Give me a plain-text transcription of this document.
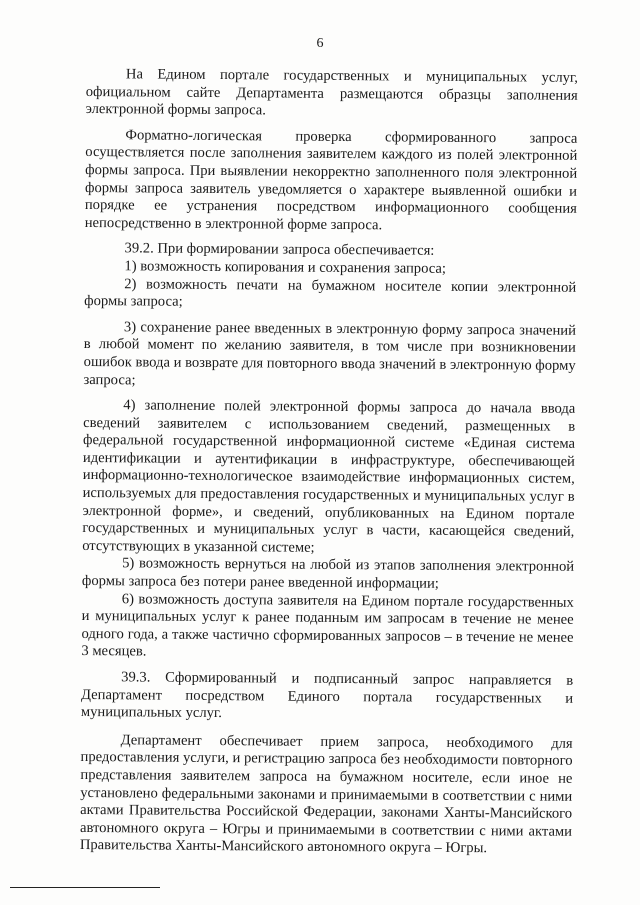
6

На Едином портале государственных и муниципальных услуг, официальном сайте Департамента размещаются образцы заполнения электронной формы запроса.

Форматно-логическая проверка сформированного запроса осуществляется после заполнения заявителем каждого из полей электронной формы запроса. При выявлении некорректно заполненного поля электронной формы запроса заявитель уведомляется о характере выявленной ошибки и порядке ее устранения посредством информационного сообщения непосредственно в электронной форме запроса.

39.2. При формировании запроса обеспечивается:

1) возможность копирования и сохранения запроса;

2) возможность печати на бумажном носителе копии электронной формы запроса;

3) сохранение ранее введенных в электронную форму запроса значений в любой момент по желанию заявителя, в том числе при возникновении ошибок ввода и возврате для повторного ввода значений в электронную форму запроса;

4) заполнение полей электронной формы запроса до начала ввода сведений заявителем с использованием сведений, размещенных в федеральной государственной информационной системе «Единая система идентификации и аутентификации в инфраструктуре, обеспечивающей информационно-технологическое взаимодействие информационных систем, используемых для предоставления государственных и муниципальных услуг в электронной форме», и сведений, опубликованных на Едином портале государственных и муниципальных услуг в части, касающейся сведений, отсутствующих в указанной системе;

5) возможность вернуться на любой из этапов заполнения электронной формы запроса без потери ранее введенной информации;

6) возможность доступа заявителя на Едином портале государственных и муниципальных услуг к ранее поданным им запросам в течение не менее одного года, а также частично сформированных запросов – в течение не менее 3 месяцев.

39.3. Сформированный и подписанный запрос направляется в Департамент посредством Единого портала государственных и муниципальных услуг.

Департамент обеспечивает прием запроса, необходимого для предоставления услуги, и регистрацию запроса без необходимости повторного представления заявителем запроса на бумажном носителе, если иное не установлено федеральными законами и принимаемыми в соответствии с ними актами Правительства Российской Федерации, законами Ханты-Мансийского автономного округа – Югры и принимаемыми в соответствии с ними актами Правительства Ханты-Мансийского автономного округа – Югры.
